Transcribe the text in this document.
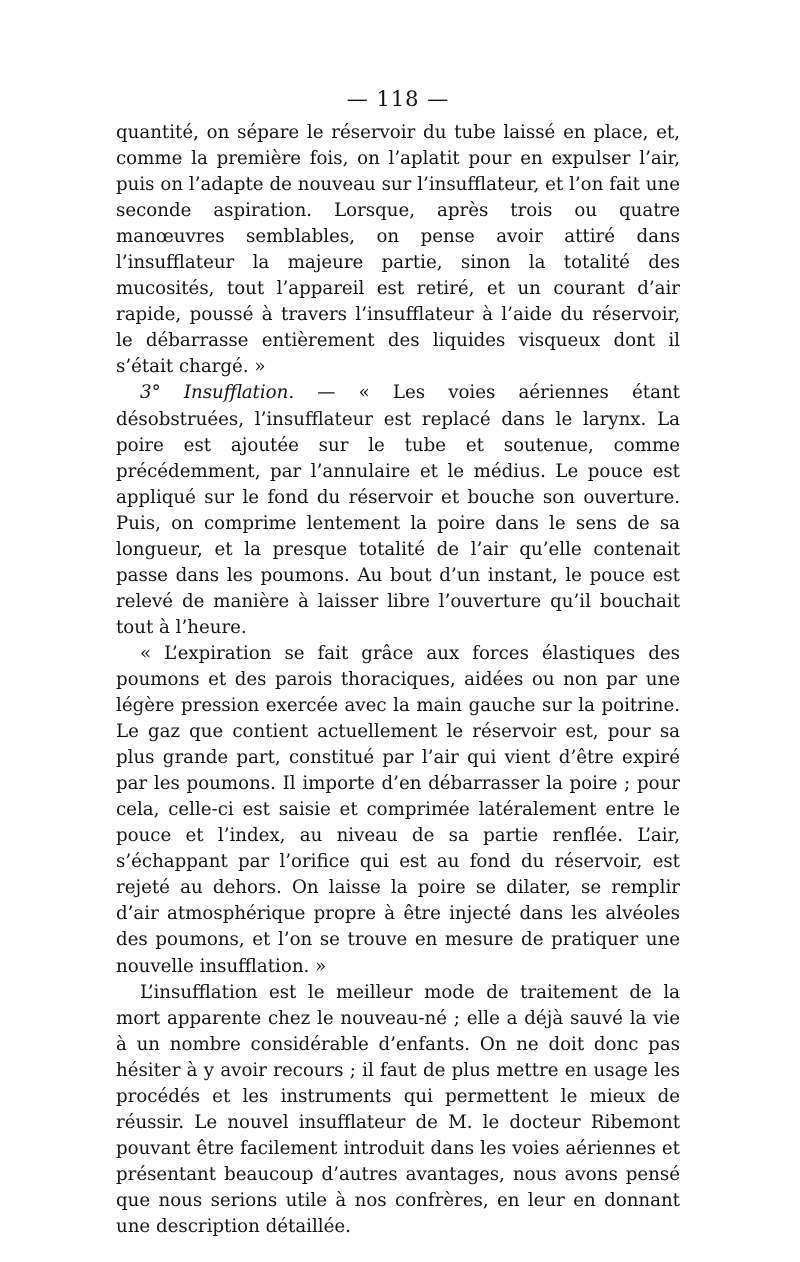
— 118 —

quantité, on sépare le réservoir du tube laissé en place, et, comme la première fois, on l’aplatit pour en expulser l’air, puis on l’adapte de nouveau sur l’insufflateur, et l’on fait une seconde aspiration. Lorsque, après trois ou quatre manœuvres semblables, on pense avoir attiré dans l’insufflateur la majeure partie, sinon la totalité des mucosités, tout l’appareil est retiré, et un courant d’air rapide, poussé à travers l’insufflateur à l’aide du réservoir, le débarrasse entièrement des liquides visqueux dont il s’était chargé. »

3° Insufflation. — « Les voies aériennes étant désobstruées, l’insufflateur est replacé dans le larynx. La poire est ajoutée sur le tube et soutenue, comme précédemment, par l’annulaire et le médius. Le pouce est appliqué sur le fond du réservoir et bouche son ouverture. Puis, on comprime lentement la poire dans le sens de sa longueur, et la presque totalité de l’air qu’elle contenait passe dans les poumons. Au bout d’un instant, le pouce est relevé de manière à laisser libre l’ouverture qu’il bouchait tout à l’heure.

« L’expiration se fait grâce aux forces élastiques des poumons et des parois thoraciques, aidées ou non par une légère pression exercée avec la main gauche sur la poitrine. Le gaz que contient actuellement le réservoir est, pour sa plus grande part, constitué par l’air qui vient d’être expiré par les poumons. Il importe d’en débarrasser la poire ; pour cela, celle-ci est saisie et comprimée latéralement entre le pouce et l’index, au niveau de sa partie renflée. L’air, s’échappant par l’orifice qui est au fond du réservoir, est rejeté au dehors. On laisse la poire se dilater, se remplir d’air atmosphérique propre à être injecté dans les alvéoles des poumons, et l’on se trouve en mesure de pratiquer une nouvelle insufflation. »

L’insufflation est le meilleur mode de traitement de la mort apparente chez le nouveau-né ; elle a déjà sauvé la vie à un nombre considérable d’enfants. On ne doit donc pas hésiter à y avoir recours ; il faut de plus mettre en usage les procédés et les instruments qui permettent le mieux de réussir. Le nouvel insufflateur de M. le docteur Ribemont pouvant être facilement introduit dans les voies aériennes et présentant beaucoup d’autres avantages, nous avons pensé que nous serions utile à nos confrères, en leur en donnant une description détaillée.
